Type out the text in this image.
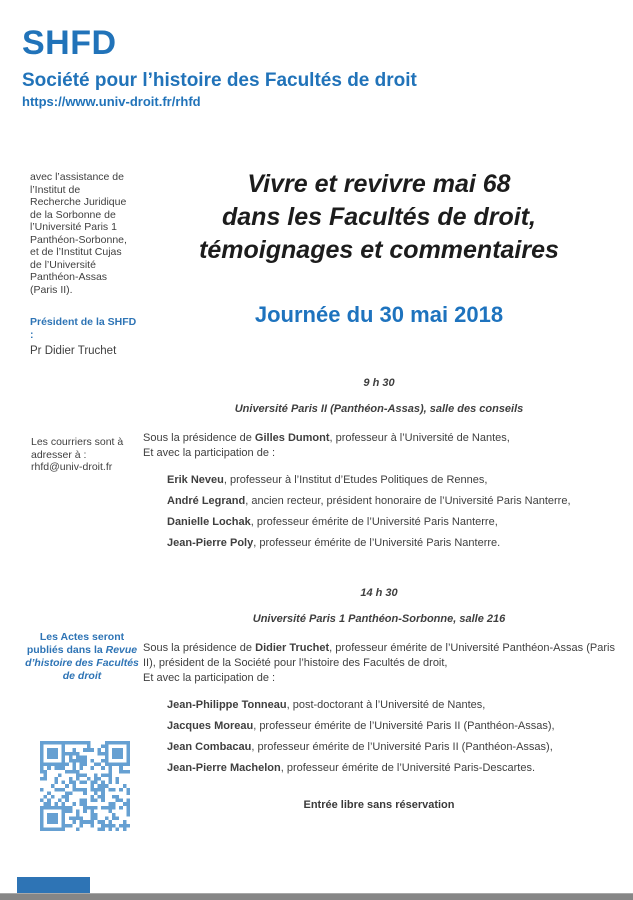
SHFD
Société pour l’histoire des Facultés de droit
https://www.univ-droit.fr/rhfd

avec l’assistance de l’Institut de Recherche Juridique de la Sorbonne de l’Université Paris 1 Panthéon-Sorbonne, et de l’Institut Cujas de l’Université Panthéon-Assas (Paris II).

Président de la SHFD :
Pr Didier Truchet

Les courriers sont à adresser à : rhfd@univ-droit.fr

Les Actes seront publiés dans la Revue d’histoire des Facultés de droit

Vivre et revivre mai 68
dans les Facultés de droit,
témoignages et commentaires
Journée du 30 mai 2018
9 h 30
Université Paris II (Panthéon-Assas), salle des conseils

Sous la présidence de Gilles Dumont, professeur à l’Université de Nantes,

Et avec la participation de :

Erik Neveu, professeur à l’Institut d’Etudes Politiques de Rennes,
André Legrand, ancien recteur, président honoraire de l’Université Paris Nanterre,
Danielle Lochak, professeur émérite de l’Université Paris Nanterre,
Jean-Pierre Poly, professeur émérite de l’Université Paris Nanterre.
14 h 30
Université Paris 1 Panthéon-Sorbonne, salle 216

Sous la présidence de Didier Truchet, professeur émérite de l’Université Panthéon-Assas (Paris II), président de la Société pour l’histoire des Facultés de droit,

Et avec la participation de :

Jean-Philippe Tonneau, post-doctorant à l’Université de Nantes,
Jacques Moreau, professeur émérite de l’Université Paris II (Panthéon-Assas),
Jean Combacau, professeur émérite de l’Université Paris II (Panthéon-Assas),
Jean-Pierre Machelon, professeur émérite de l’Université Paris-Descartes.

Entrée libre sans réservation
